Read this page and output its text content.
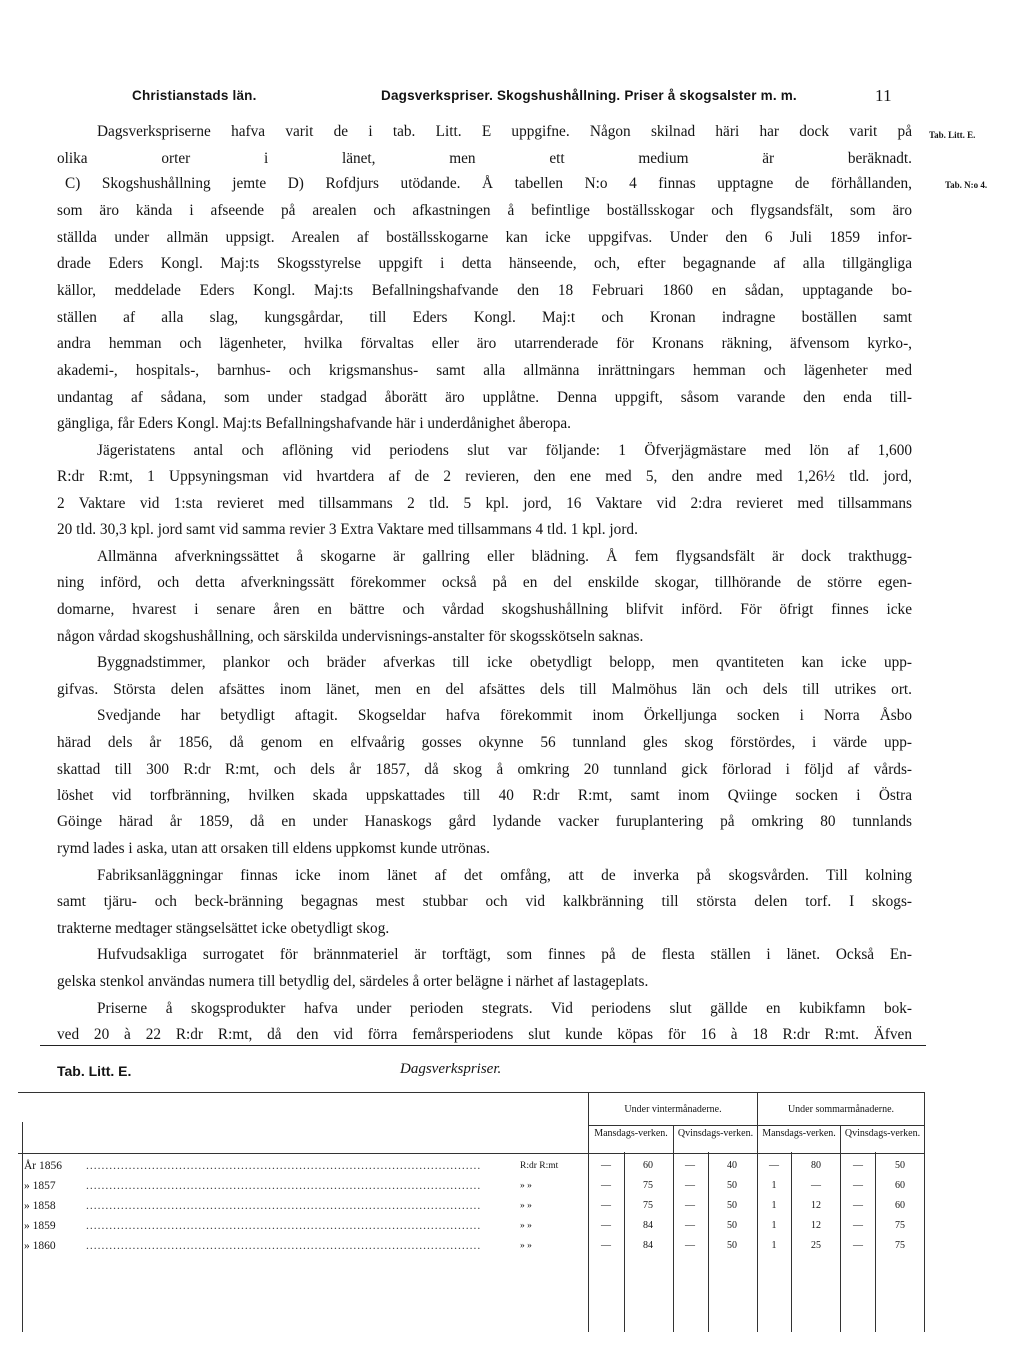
Christianstads län.	Dagsverkspriser. Skogshushållning. Priser å skogsalster m. m.	11
Tab. Litt. E.
Tab. N:o 4.
Dagsverkspriserne hafva varit de i tab. Litt. E uppgifne. Någon skilnad häri har dock varit på
olika orter i länet, men ett medium är beräknadt.
C) Skogshushållning jemte D) Rofdjurs utödande. Å tabellen N:o 4 finnas upptagne de förhållanden,
som äro kända i afseende på arealen och afkastningen å befintlige boställsskogar och flygsandsfält, som äro
ställda under allmän uppsigt. Arealen af boställsskogarne kan icke uppgifvas. Under den 6 Juli 1859 infor-
drade Eders Kongl. Maj:ts Skogsstyrelse uppgift i detta hänseende, och, efter begagnande af alla tillgängliga
källor, meddelade Eders Kongl. Maj:ts Befallningshafvande den 18 Februari 1860 en sådan, upptagande bo-
ställen af alla slag, kungsgårdar, till Eders Kongl. Maj:t och Kronan indragne boställen samt
andra hemman och lägenheter, hvilka förvaltas eller äro utarrenderade för Kronans räkning, äfvensom kyrko-,
akademi-, hospitals-, barnhus- och krigsmanshus- samt alla allmänna inrättningars hemman och lägenheter med
undantag af sådana, som under stadgad åborätt äro upplåtne. Denna uppgift, såsom varande den enda till-
gängliga, får Eders Kongl. Maj:ts Befallningshafvande här i underdånighet åberopa.
Jägeristatens antal och aflöning vid periodens slut var följande: 1 Öfverjägmästare med lön af 1,600
R:dr R:mt, 1 Uppsyningsman vid hvartdera af de 2 revieren, den ene med 5, den andre med 1,26½ tld. jord,
2 Vaktare vid 1:sta revieret med tillsammans 2 tld. 5 kpl. jord, 16 Vaktare vid 2:dra revieret med tillsammans
20 tld. 30,3 kpl. jord samt vid samma revier 3 Extra Vaktare med tillsammans 4 tld. 1 kpl. jord.
Allmänna afverkningssättet å skogarne är gallring eller blädning. Å fem flygsandsfält är dock trakthugg-
ning införd, och detta afverkningssätt förekommer också på en del enskilde skogar, tillhörande de större egen-
domarne, hvarest i senare åren en bättre och vårdad skogshushållning blifvit införd. För öfrigt finnes icke
någon vårdad skogshushållning, och särskilda undervisnings-anstalter för skogsskötseln saknas.
Byggnadstimmer, plankor och bräder afverkas till icke obetydligt belopp, men qvantiteten kan icke upp-
gifvas. Största delen afsättes inom länet, men en del afsättes dels till Malmöhus län och dels till utrikes ort.
Svedjande har betydligt aftagit. Skogseldar hafva förekommit inom Örkelljunga socken i Norra Åsbo
härad dels år 1856, då genom en elfvaårig gosses okynne 56 tunnland gles skog förstördes, i värde upp-
skattad till 300 R:dr R:mt, och dels år 1857, då skog å omkring 20 tunnland gick förlorad i följd af vårds-
löshet vid torfbränning, hvilken skada uppskattades till 40 R:dr R:mt, samt inom Qviinge socken i Östra
Göinge härad år 1859, då en under Hanaskogs gård lydande vacker furuplantering på omkring 80 tunnlands
rymd lades i aska, utan att orsaken till eldens uppkomst kunde utrönas.
Fabriksanläggningar finnas icke inom länet af det omfång, att de inverka på skogsvården. Till kolning
samt tjäru- och beck-bränning begagnas mest stubbar och vid kalkbränning till största delen torf. I skogs-
trakterne medtager stängselsättet icke obetydligt skog.
Hufvudsakliga surrogatet för brännmateriel är torftägt, som finnes på de flesta ställen i länet. Också En-
gelska stenkol användas numera till betydlig del, särdeles å orter belägne i närhet af lastageplats.
Priserne å skogsprodukter hafva under perioden stegrats. Vid periodens slut gällde en kubikfamn bok-
ved 20 à 22 R:dr R:mt, då den vid förra femårsperiodens slut kunde köpas för 16 à 18 R:dr R:mt. Äfven
Tab. Litt. E.	Dagsverkspriser.
Under vintermånaderne.	Under sommarmånaderne.
Mansdags-verken.	Qvinsdags-verken. Mansdags-verken. Qvinsdags-verken.
År 1856 ......................................................................................................	R:dr R:mt	—	60	—	40	—	80	—	50
» 1857	......................................................................................................	» »	—	75	—	50	1	—	—	60
» 1858	......................................................................................................	» »	—	75	—	50	1	12	—	60
» 1859	......................................................................................................	» »	—	84	—	50	1	12	—	75
» 1860	......................................................................................................	» »	—	84	—	50	1	25	—	75
